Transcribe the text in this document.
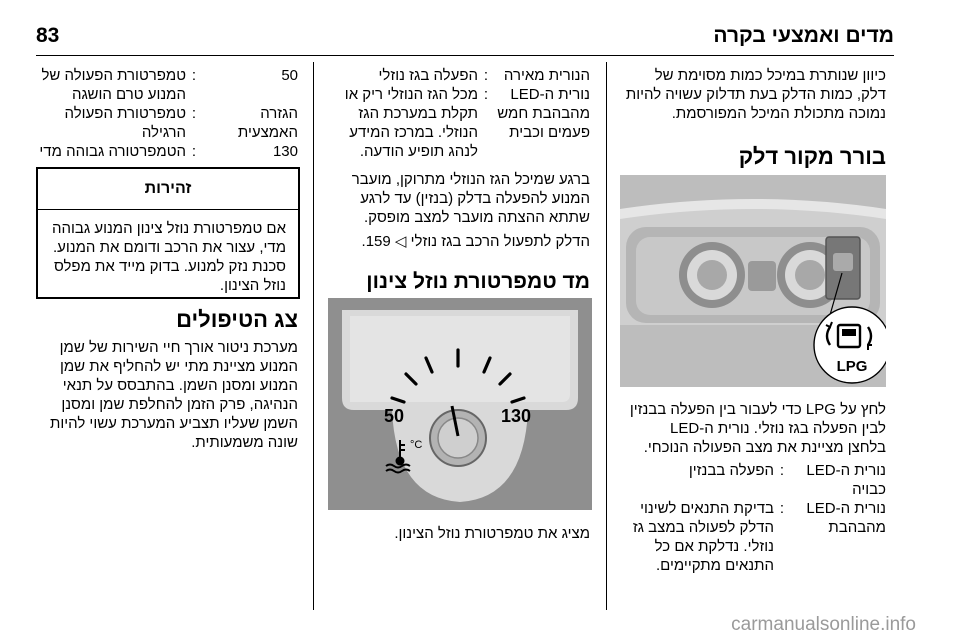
83	מדים ואמצעי בקרה

כיוון שנותרת במיכל כמות מסוימת של

דלק, כמות הדלק בעת תדלוק עשויה להיות

נמוכה מתכולת המיכל המפורסמת.

בורר מקור דלק
LPG

לחץ על LPG כדי לעבור בין הפעלה בבנזין

לבין הפעלה בגז נוזלי. נורית ה-LED

בלחצן מציינת את מצב הפעולה הנוכחי.

נורית ה-LED

כבויה

:

הפעלה בבנזין

נורית ה-LED

מהבהבת

:

בדיקת התנאים לשינוי

הדלק לפעולה במצב גז

נוזלי. נדלקת אם כל

התנאים מתקיימים.

הנורית מאירה

:

הפעלה בגז נוזלי

נורית ה-LED

מהבהבת חמש

פעמים וכבית

:

מכל הגז הנוזלי ריק או

תקלת במערכת הגז

הנוזלי. במרכז המידע

לנהג תופיע הודעה.

ברגע שמיכל הגז הנוזלי מתרוקן, מועבר

המנוע להפעלה בדלק (בנזין) עד לרגע

שתתא ההצתה מועבר למצב מופסק.

הדלק לתפעול הרכב בגז נוזלי ◁ 159.
מד טמפרטורת נוזל צינון
50	130
°C
מציג את טמפרטורת נוזל הצינון.

50

:

טמפרטורת הפעולה של

המנוע טרם הושגה

הגזרה

האמצעית

:

טמפרטורת הפעולה

הרגילה

130

:

הטמפרטורה גבוהה מדי

זהירות

אם טמפרטורת נוזל צינון המנוע גבוהה

מדי, עצור את הרכב ודומם את המנוע.

סכנת נזק למנוע. בדוק מייד את מפלס

נוזל הצינון.

צג הטיפולים

מערכת ניטור אורך חיי השירות של שמן

המנוע מציינת מתי יש להחליף את שמן

המנוע ומסנן השמן. בהתבסס על תנאי

הנהיגה, פרק הזמן להחלפת שמן ומסנן

השמן שעליו תצביע המערכת עשוי להיות

שונה משמעותית.

carmanualsonline.info
